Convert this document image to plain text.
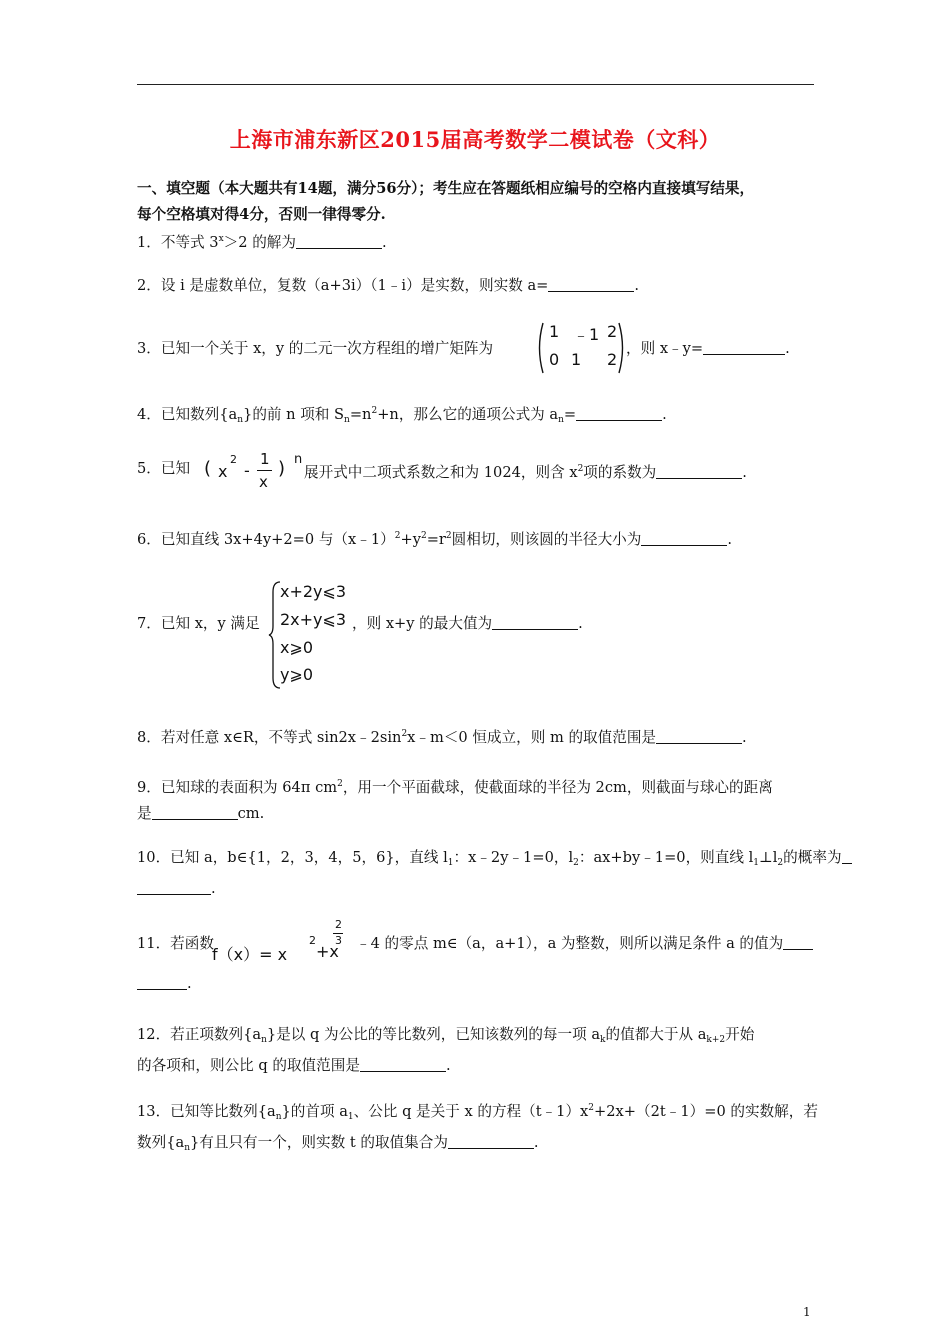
上海市浦东新区2015届高考数学二模试卷（文科）
一、填空题（本大题共有14题，满分56分）；考生应在答题纸相应编号的空格内直接填写结果，
每个空格填对得4分，否则一律得零分.
1．不等式 $3^x>2$ 的解为	.
2．设 i 是虚数单位，复数（a+3i）（1﹣i）是实数，则实数 a=	.
3．已知一个关于 x，y 的二元一次方程组的增广矩阵为
1 ﹣1 2
0 1 2
，则 x﹣y=	.
4．已知数列$\{a_n\}$的前 n 项和 $S_n=n^2+n$，那么它的通项公式为 $a_n=$	.
5．已知 ( x
2
-
1
x
) n
展开式中二项式系数之和为 1024，则含 $x^2$项的系数为	.
6．已知直线 3x+4y+2=0 与$(x﹣1)^2+y^2=r^2$圆相切，则该圆的半径大小为	.
7．已知 x，y 满足
x+2y⩽3
2x+y⩽3
x⩾0
y⩾0
，则 x+y 的最大值为	.
8．若对任意 x∈R，不等式 $\sin 2x﹣2\sin^2x﹣m<0$ 恒成立，则 m 的取值范围是	.
9．已知球的表面积为 64π $cm^2$，用一个平面截球，使截面球的半径为 2cm，则截面与球心的距离
是	cm.
10．已知 a，b∈{1，2，3，4，5，6}，直线 $l_1$：x﹣2y﹣1=0，$l_2$：ax+by﹣1=0，则直线 $l_1\perp l_2$的概率为
.
11．若函数
f（x）= x
2
+x
2
3 ﹣4 的零点 m∈（a，a+1），a 为整数，则所以满足条件 a 的值为
.
12．若正项数列$\{a_n\}$是以 q 为公比的等比数列，已知该数列的每一项 $a_k$的值都大于从 $a_{k+2}$开始
的各项和，则公比 q 的取值范围是	.
13．已知等比数列$\{a_n\}$的首项 $a_1$、公比 q 是关于 x 的方程$(t﹣1)x^2+2x+(2t﹣1)=0$ 的实数解，若
数列$\{a_n\}$有且只有一个，则实数 t 的取值集合为	.
1
